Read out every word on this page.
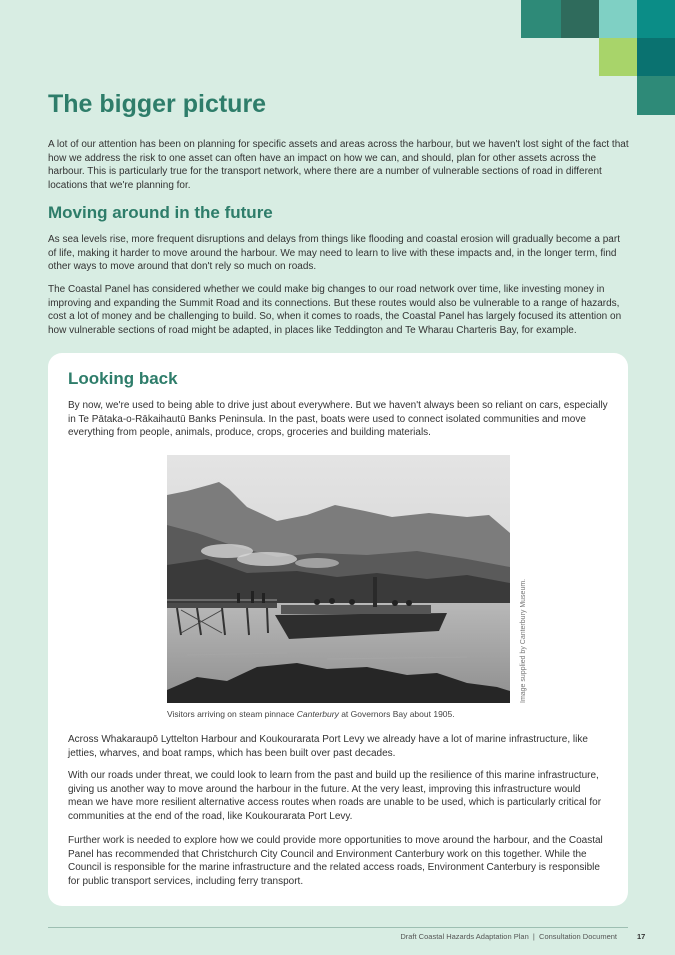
The bigger picture

A lot of our attention has been on planning for specific assets and areas across the harbour, but we haven't lost sight of the fact that how we address the risk to one asset can often have an impact on how we can, and should, plan for other assets across the harbour. This is particularly true for the transport network, where there are a number of vulnerable sections of road in different locations that we're planning for.

Moving around in the future

As sea levels rise, more frequent disruptions and delays from things like flooding and coastal erosion will gradually become a part of life, making it harder to move around the harbour. We may need to learn to live with these impacts and, in the longer term, find other ways to move around that don't rely so much on roads.

The Coastal Panel has considered whether we could make big changes to our road network over time, like investing money in improving and expanding the Summit Road and its connections. But these routes would also be vulnerable to a range of hazards, cost a lot of money and be challenging to build. So, when it comes to roads, the Coastal Panel has largely focused its attention on how vulnerable sections of road might be adapted, in places like Teddington and Te Wharau Charteris Bay, for example.

Looking back

By now, we're used to being able to drive just about everywhere. But we haven't always been so reliant on cars, especially in Te Pātaka-o-Rākaihautū Banks Peninsula. In the past, boats were used to connect isolated communities and move everything from people, animals, produce, crops, groceries and building materials.

Image supplied by Canterbury Museum.
Visitors arriving on steam pinnace Canterbury at Governors Bay about 1905.

Across Whakaraupō Lyttelton Harbour and Koukourarata Port Levy we already have a lot of marine infrastructure, like jetties, wharves, and boat ramps, which has been built over past decades.

With our roads under threat, we could look to learn from the past and build up the resilience of this marine infrastructure, giving us another way to move around the harbour in the future. At the very least, improving this infrastructure would mean we have more resilient alternative access routes when roads are unable to be used, which is particularly critical for communities at the end of the road, like Koukourarata Port Levy.

Further work is needed to explore how we could provide more opportunities to move around the harbour, and the Coastal Panel has recommended that Christchurch City Council and Environment Canterbury work on this together. While the Council is responsible for the marine infrastructure and the related access roads, Environment Canterbury is responsible for public transport services, including ferry transport.

Draft Coastal Hazards Adaptation Plan  |  Consultation Document	17
